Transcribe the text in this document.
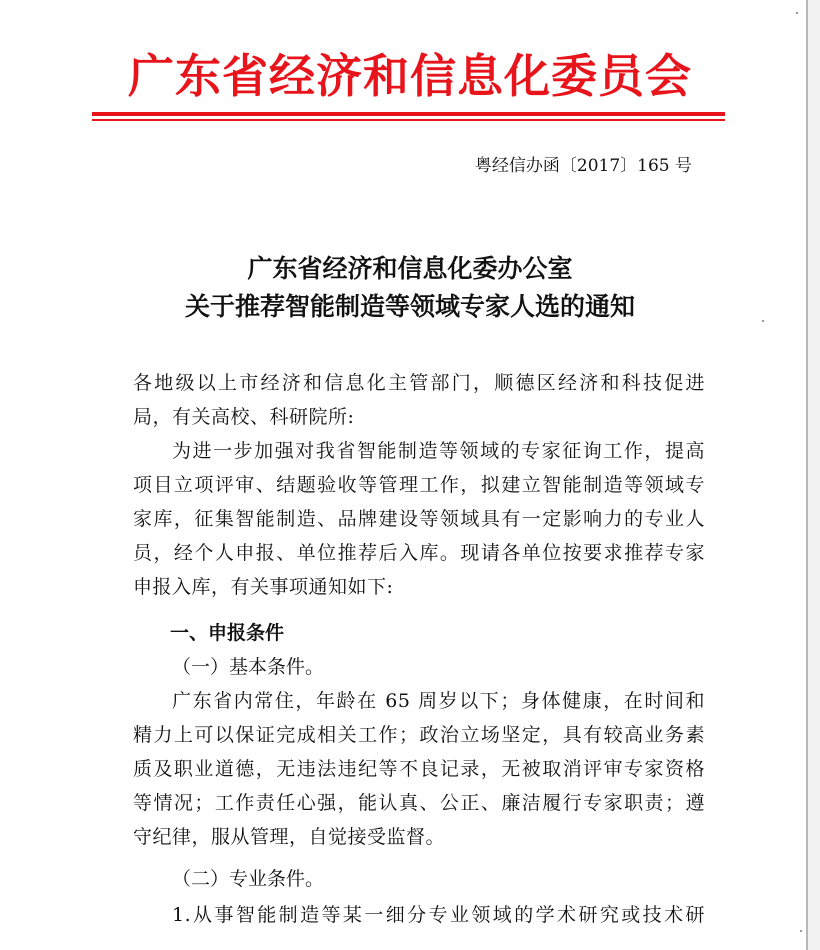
广东省经济和信息化委员会
粤经信办函〔2017〕165 号
广东省经济和信息化委办公室
关于推荐智能制造等领域专家人选的通知
各地级以上市经济和信息化主管部门，顺德区经济和科技促进
局，有关高校、科研院所:
为进一步加强对我省智能制造等领域的专家征询工作，提高
项目立项评审、结题验收等管理工作，拟建立智能制造等领域专
家库，征集智能制造、品牌建设等领域具有一定影响力的专业人
员，经个人申报、单位推荐后入库。现请各单位按要求推荐专家
申报入库，有关事项通知如下:
一、申报条件
（一）基本条件。
广东省内常住，年龄在 65 周岁以下；身体健康，在时间和
精力上可以保证完成相关工作；政治立场坚定，具有较高业务素
质及职业道德，无违法违纪等不良记录，无被取消评审专家资格
等情况；工作责任心强，能认真、公正、廉洁履行专家职责；遵
守纪律，服从管理，自觉接受监督。
（二）专业条件。
1.从事智能制造等某一细分专业领域的学术研究或技术研
